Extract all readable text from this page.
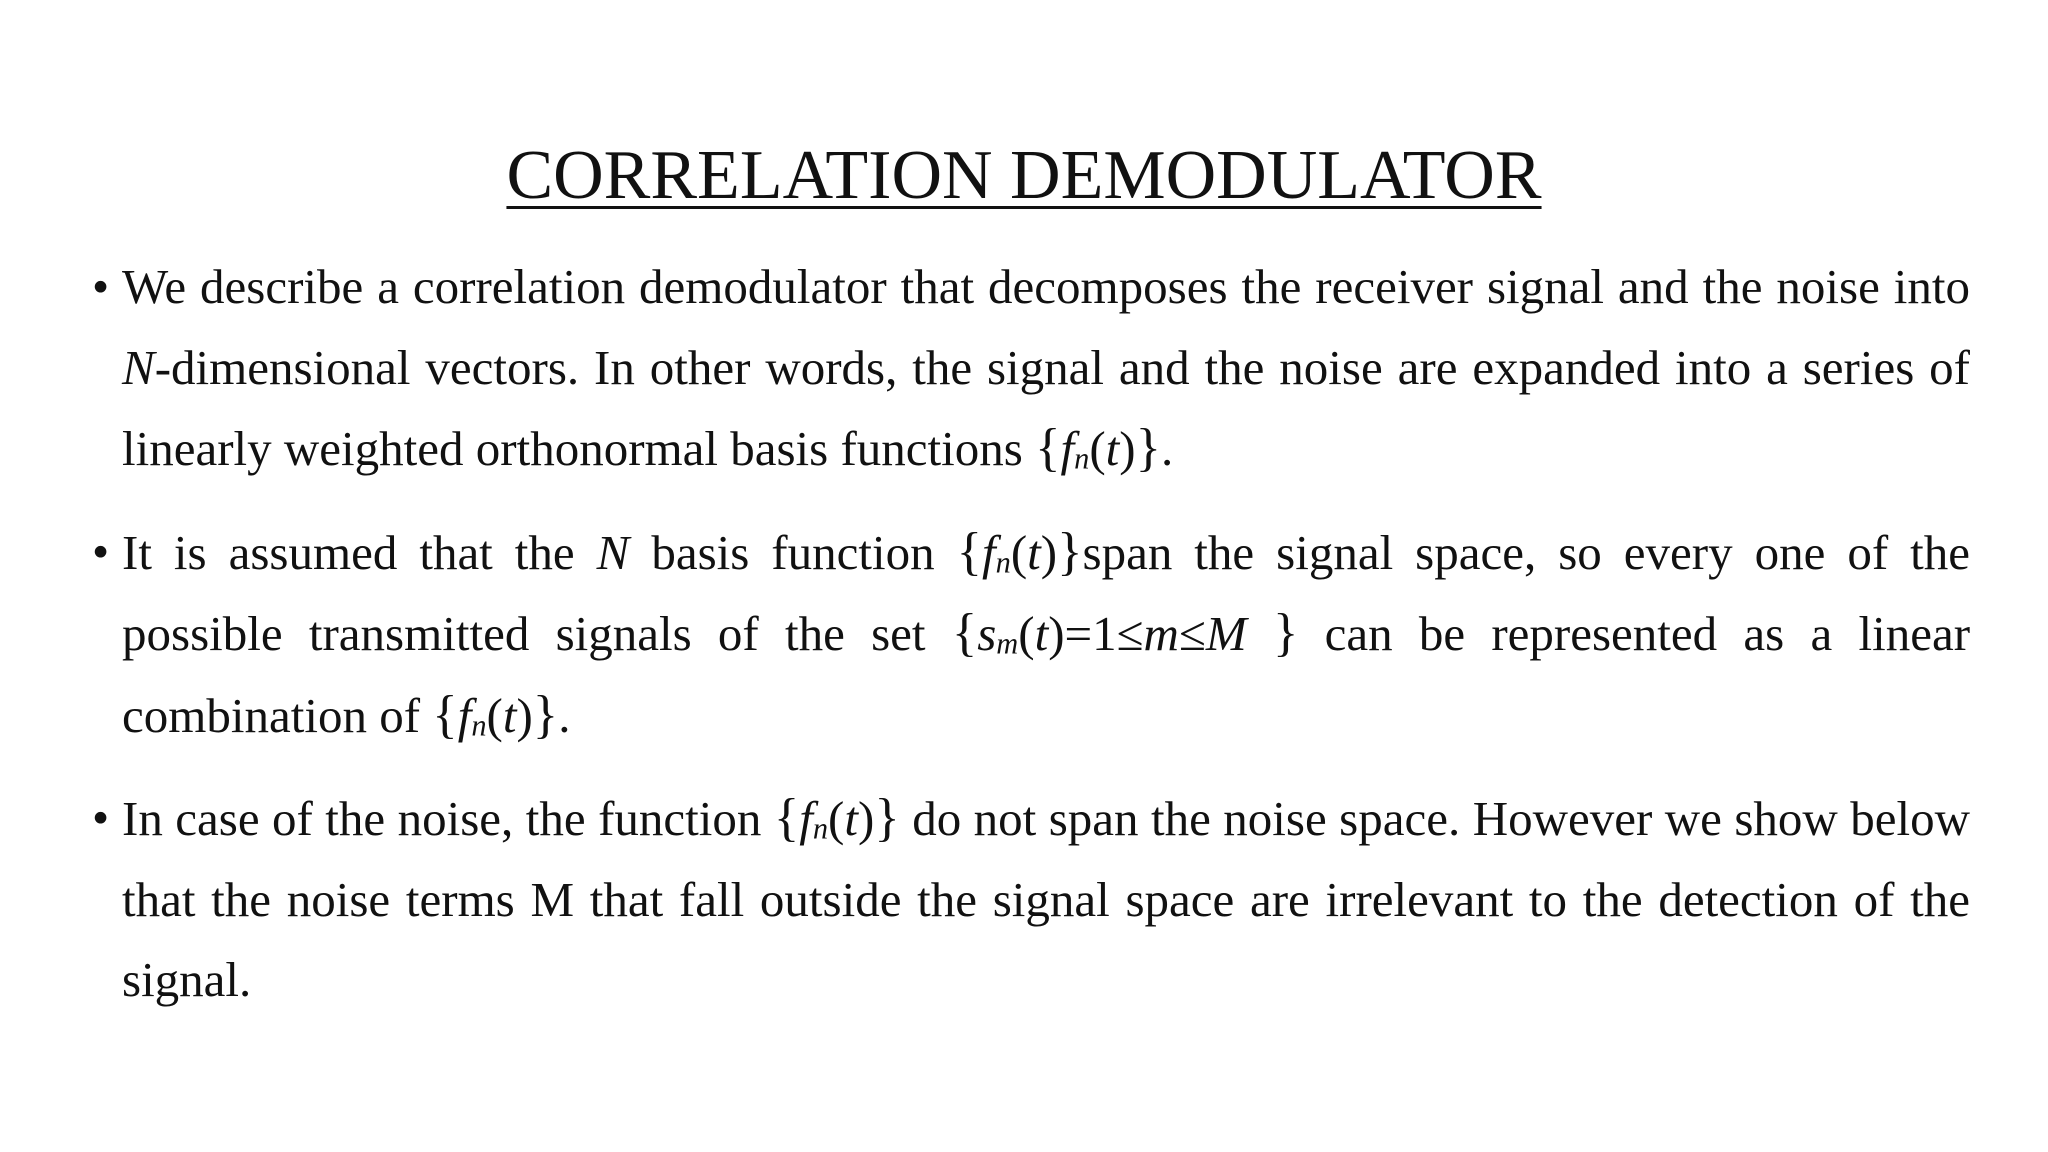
CORRELATION DEMODULATOR
• We describe a correlation demodulator that decomposes the receiver signal and the noise into N-dimensional vectors. In other words, the signal and the noise are expanded into a series of linearly weighted orthonormal basis functions $\{f_n(t)\}$.
• It is assumed that the N basis function $\{f_n(t)\}span$ the signal space, so every one of the possible transmitted signals of the set {$s_m(t)=1\le m\le M$ } can be represented as a linear combination of $\{f_n(t)\}$.
• In case of the noise, the function $\{f_n(t)\}$ do not span the noise space. However we show below that the noise terms M that fall outside the signal space are irrelevant to the detection of the signal.
